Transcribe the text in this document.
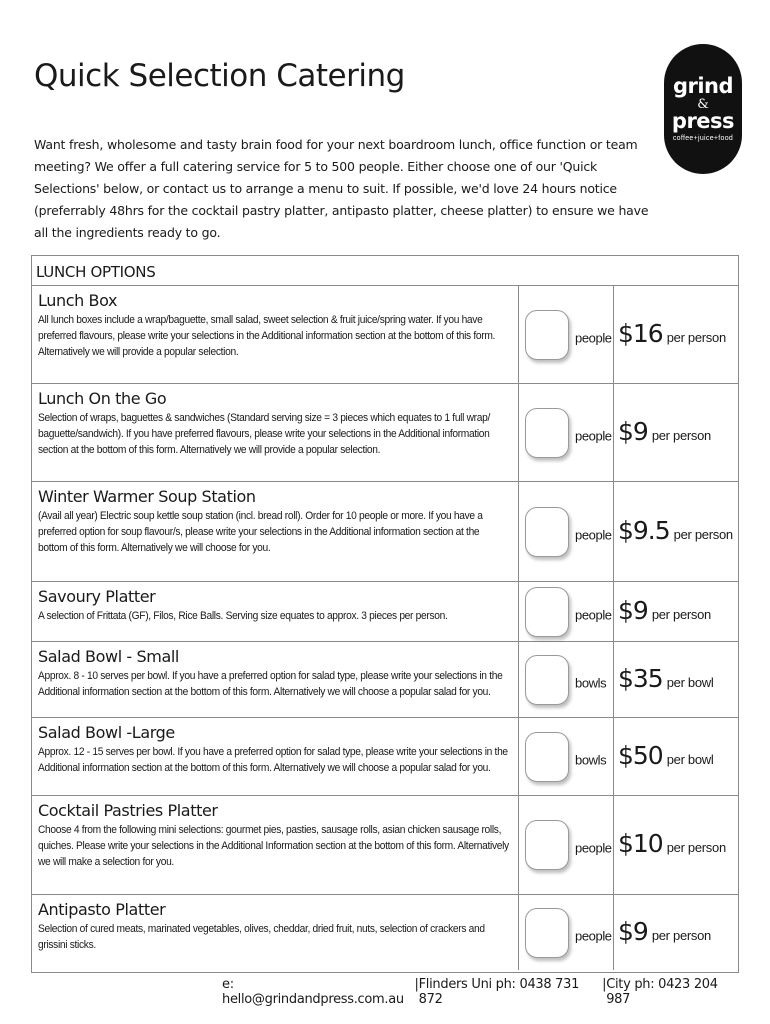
Quick Selection Catering	grind
&
press
coffee+juice+food
Want fresh, wholesome and tasty brain food for your next boardroom lunch, office function or team meeting? We offer a full catering service for 5 to 500 people. Either choose one of our 'Quick Selections' below, or contact us to arrange a menu to suit. If possible, we'd love 24 hours notice (preferrably 48hrs for the cocktail pastry platter, antipasto platter, cheese platter) to ensure we have all the ingredients ready to go.
LUNCH OPTIONS
Lunch Box
All lunch boxes include a wrap/baguette, small salad, sweet selection & fruit juice/spring water. If you have preferred flavours, please write your selections in the Additional information section at the bottom of this form. Alternatively we will provide a popular selection.
people $16 per person
Lunch On the Go
Selection of wraps, baguettes & sandwiches (Standard serving size = 3 pieces which equates to 1 full wrap/ baguette/sandwich). If you have preferred flavours, please write your selections in the Additional information section at the bottom of this form. Alternatively we will provide a popular selection.
people $9 per person
Winter Warmer Soup Station
(Avail all year) Electric soup kettle soup station (incl. bread roll). Order for 10 people or more. If you have a preferred option for soup flavour/s, please write your selections in the Additional information section at the bottom of this form. Alternatively we will choose for you.
people $9.5 per person
Savoury Platter
A selection of Frittata (GF), Filos, Rice Balls. Serving size equates to approx. 3 pieces per person.	people $9 per person
Salad Bowl - Small
Approx. 8 - 10 serves per bowl. If you have a preferred option for salad type, please write your selections in the Additional information section at the bottom of this form. Alternatively we will choose a popular salad for you.
bowls $35 per bowl
Salad Bowl -Large
Approx. 12 - 15 serves per bowl. If you have a preferred option for salad type, please write your selections in the Additional information section at the bottom of this form. Alternatively we will choose a popular salad for you.
bowls $50 per bowl
Cocktail Pastries Platter
Choose 4 from the following mini selections: gourmet pies, pasties, sausage rolls, asian chicken sausage rolls, quiches. Please write your selections in the Additional Information section at the bottom of this form. Alternatively we will make a selection for you.
people $10 per person
Antipasto Platter
Selection of cured meats, marinated vegetables, olives, cheddar, dried fruit, nuts, selection of crackers and grissini sticks.
people $9 per person
e: hello@grindandpress.com.au
| Flinders Uni ph: 0438 731 872
| City ph: 0423 204 987
